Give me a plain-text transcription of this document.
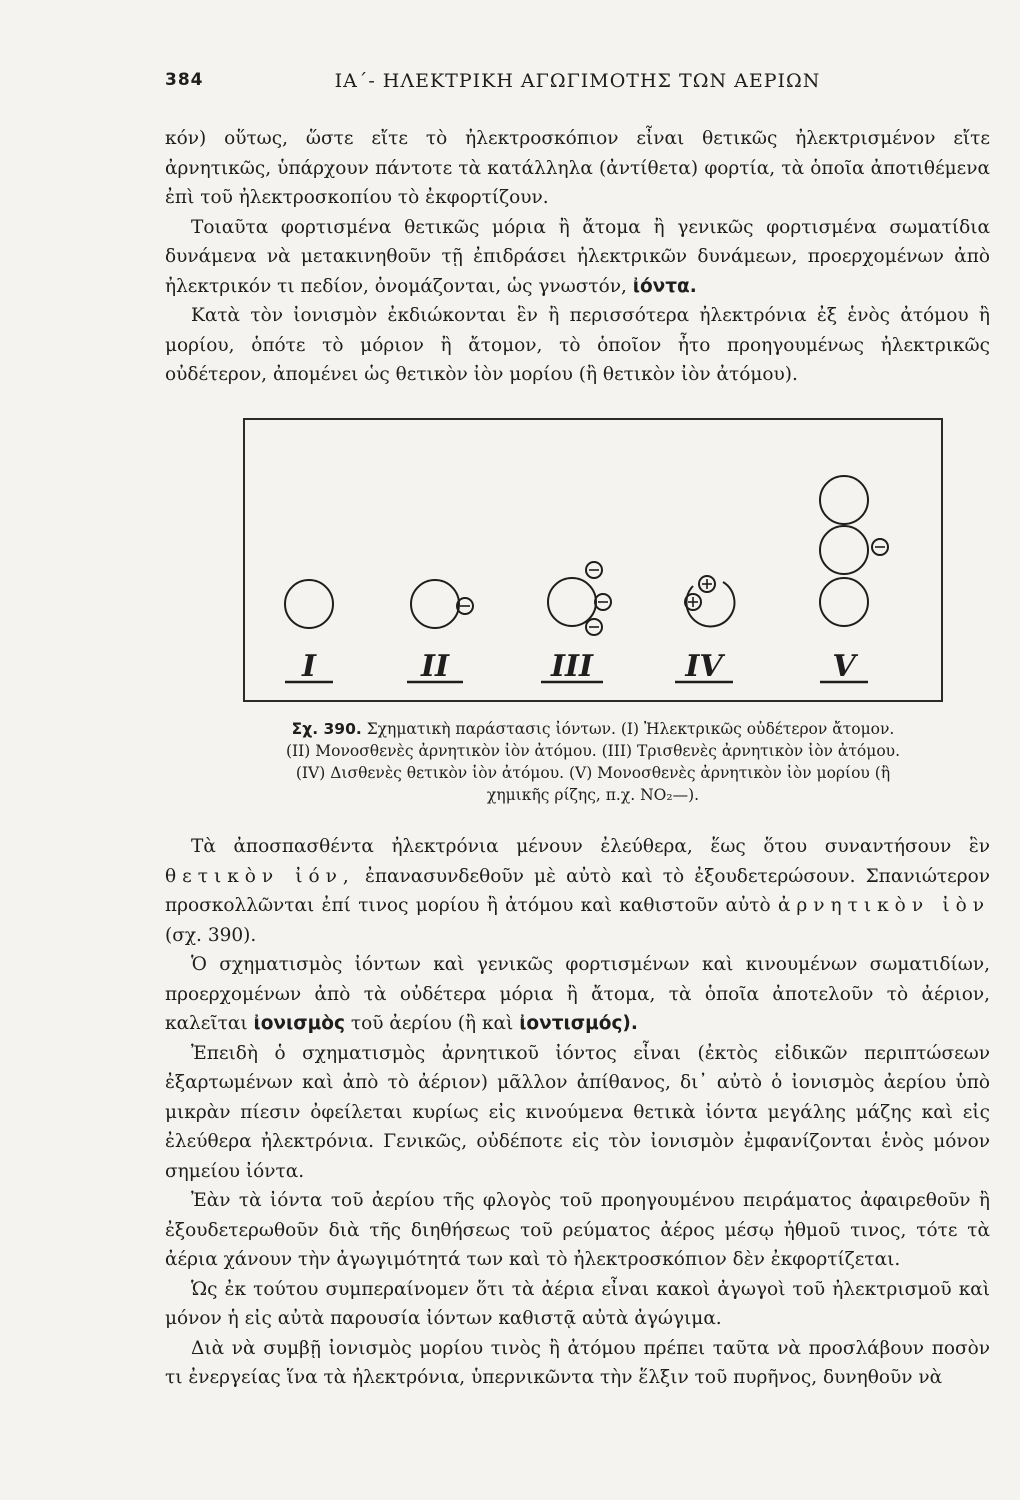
384	ΙΑ΄- ΗΛΕΚΤΡΙΚΗ ΑΓΩΓΙΜΟΤΗΣ ΤΩΝ ΑΕΡΙΩΝ

κόν) οὕτως, ὥστε εἴτε τὸ ἠλεκτροσκόπιον εἶναι θετικῶς ἠλεκτρισμένον εἴτε ἀρνητικῶς, ὑπάρχουν πάντοτε τὰ κατάλληλα (ἀντίθετα) φορτία, τὰ ὁποῖα ἀποτιθέμενα ἐπὶ τοῦ ἠλεκτροσκοπίου τὸ ἐκφορτίζουν.

Τοιαῦτα φορτισμένα θετικῶς μόρια ἢ ἄτομα ἢ γενικῶς φορτισμένα σωματίδια δυνάμενα νὰ μετακινηθοῦν τῇ ἐπιδράσει ἠλεκτρικῶν δυνάμεων, προερχομένων ἀπὸ ἠλεκτρικόν τι πεδίον, ὀνομάζονται, ὡς γνωστόν, ἰόντα.

Κατὰ τὸν ἰονισμὸν ἐκδιώκονται ἓν ἢ περισσότερα ἠλεκτρόνια ἐξ ἑνὸς ἀτόμου ἢ μορίου, ὁπότε τὸ μόριον ἢ ἄτομον, τὸ ὁποῖον ἦτο προηγουμένως ἠλεκτρικῶς οὐδέτερον, ἀπομένει ὡς θετικὸν ἰὸν μορίου (ἢ θετικὸν ἰὸν ἀτόμου).

I	II	III	IV	V
Σχ. 390. Σχηματικὴ παράστασις ἰόντων. (I) Ἠλεκτρικῶς οὐδέτερον ἄτομον.
(II) Μονοσθενὲς ἀρνητικὸν ἰὸν ἀτόμου. (III) Τρισθενὲς ἀρνητικὸν ἰὸν ἀτόμου.
(IV) Δισθενὲς θετικὸν ἰὸν ἀτόμου. (V) Μονοσθενὲς ἀρνητικὸν ἰὸν μορίου (ἢ
χημικῆς ρίζης, π.χ. NO₂—).

Τὰ ἀποσπασθέντα ἠλεκτρόνια μένουν ἐλεύθερα, ἕως ὅτου συναντήσουν ἓν θετικὸν ἰόν, ἐπανασυνδεθοῦν μὲ αὐτὸ καὶ τὸ ἐξουδετερώσουν. Σπανιώτερον προσκολλῶνται ἐπί τινος μορίου ἢ ἀτόμου καὶ καθιστοῦν αὐτὸ ἀρνητικὸν ἰὸν (σχ. 390).

Ὁ σχηματισμὸς ἰόντων καὶ γενικῶς φορτισμένων καὶ κινουμένων σωματιδίων, προερχομένων ἀπὸ τὰ οὐδέτερα μόρια ἢ ἄτομα, τὰ ὁποῖα ἀποτελοῦν τὸ ἀέριον, καλεῖται ἰονισμὸς τοῦ ἀερίου (ἢ καὶ ἰοντισμός).

Ἐπειδὴ ὁ σχηματισμὸς ἀρνητικοῦ ἰόντος εἶναι (ἐκτὸς εἰδικῶν περιπτώσεων ἐξαρτωμένων καὶ ἀπὸ τὸ ἀέριον) μᾶλλον ἀπίθανος, δι᾽ αὐτὸ ὁ ἰονισμὸς ἀερίου ὑπὸ μικρὰν πίεσιν ὀφείλεται κυρίως εἰς κινούμενα θετικὰ ἰόντα μεγάλης μάζης καὶ εἰς ἐλεύθερα ἠλεκτρόνια. Γενικῶς, οὐδέποτε εἰς τὸν ἰονισμὸν ἐμφανίζονται ἑνὸς μόνον σημείου ἰόντα.

Ἐὰν τὰ ἰόντα τοῦ ἀερίου τῆς φλογὸς τοῦ προηγουμένου πειράματος ἀφαιρεθοῦν ἢ ἐξουδετερωθοῦν διὰ τῆς διηθήσεως τοῦ ρεύματος ἀέρος μέσῳ ἠθμοῦ τινος, τότε τὰ ἀέρια χάνουν τὴν ἀγωγιμότητά των καὶ τὸ ἠλεκτροσκόπιον δὲν ἐκφορτίζεται.

Ὡς ἐκ τούτου συμπεραίνομεν ὅτι τὰ ἀέρια εἶναι κακοὶ ἀγωγοὶ τοῦ ἠλεκτρισμοῦ καὶ μόνον ἡ εἰς αὐτὰ παρουσία ἰόντων καθιστᾷ αὐτὰ ἀγώγιμα.

Διὰ νὰ συμβῇ ἰονισμὸς μορίου τινὸς ἢ ἀτόμου πρέπει ταῦτα νὰ προσλάβουν ποσὸν τι ἐνεργείας ἵνα τὰ ἠλεκτρόνια, ὑπερνικῶντα τὴν ἕλξιν τοῦ πυρῆνος, δυνηθοῦν νὰ
